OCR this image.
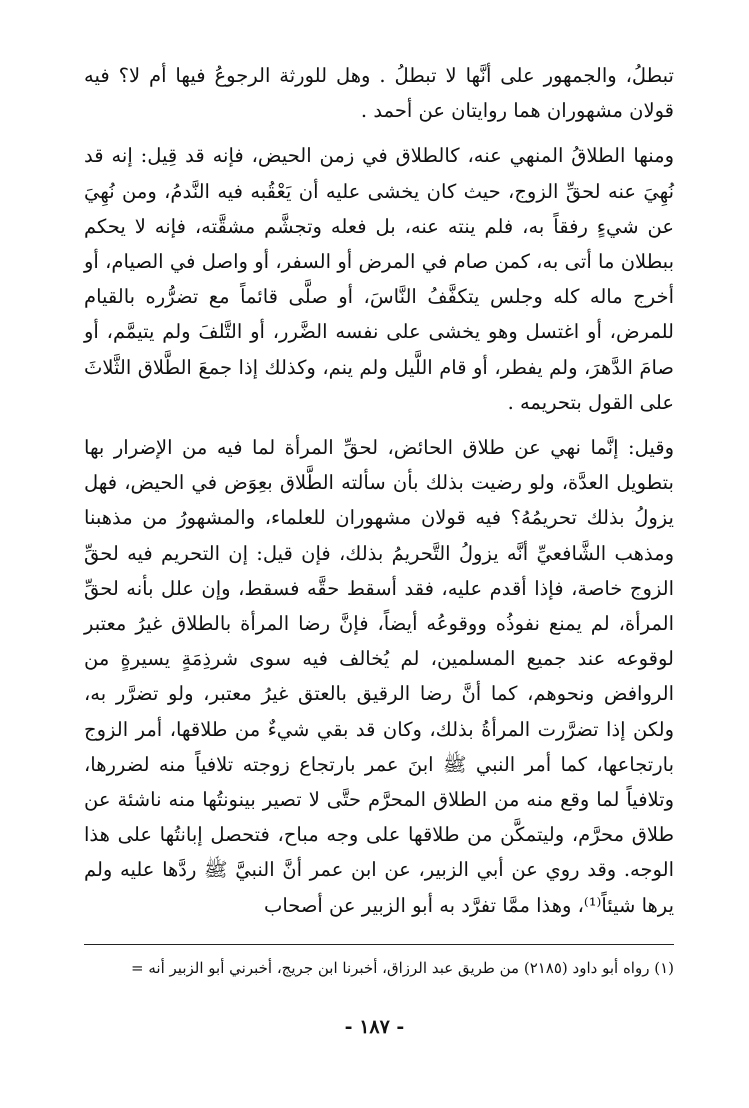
تبطلُ، والجمهور على أنَّها لا تبطلُ . وهل للورثة الرجوعُ فيها أم لا؟ فيه قولان مشهوران هما روايتان عن أحمد .

ومنها الطلاقُ المنهي عنه، كالطلاق في زمن الحيض، فإنه قد قِيل: إنه قد نُهِيَ عنه لحقِّ الزوج، حيث كان يخشى عليه أن يَعْقُبه فيه النَّدمُ، ومن نُهِيَ عن شيءٍ رفقاً به، فلم ينته عنه، بل فعله وتجشَّم مشقَّته، فإنه لا يحكم ببطلان ما أتى به، كمن صام في المرض أو السفر، أو واصل في الصيام، أو أخرج ماله كله وجلس يتكفَّفُ النَّاسَ، أو صلَّى قائماً مع تضرُّره بالقيام للمرض، أو اغتسل وهو يخشى على نفسه الضَّرر، أو التَّلفَ ولم يتيمَّم، أو صامَ الدَّهرَ، ولم يفطر، أو قام اللَّيل ولم ينم، وكذلك إذا جمعَ الطَّلاق الثَّلاثَ على القول بتحريمه .

وقيل: إنَّما نهي عن طلاق الحائض، لحقِّ المرأة لما فيه من الإضرار بها بتطويل العدَّة، ولو رضيت بذلك بأن سألته الطَّلاق بعِوَض في الحيض، فهل يزولُ بذلك تحريمُهُ؟ فيه قولان مشهوران للعلماء، والمشهورُ من مذهبنا ومذهب الشَّافعيِّ أنَّه يزولُ التَّحريمُ بذلك، فإن قيل: إن التحريم فيه لحقِّ الزوج خاصة، فإذا أقدم عليه، فقد أسقط حقَّه فسقط، وإن علل بأنه لحقِّ المرأة، لم يمنع نفوذُه ووقوعُه أيضاً، فإنَّ رضا المرأة بالطلاق غيرُ معتبر لوقوعه عند جميع المسلمين، لم يُخالف فيه سوى شرذِمَةٍ يسيرةٍ من الروافض ونحوهم، كما أنَّ رضا الرقيق بالعتق غيرُ معتبر، ولو تضرَّر به، ولكن إذا تضرَّرت المرأةُ بذلك، وكان قد بقي شيءٌ من طلاقها، أمر الزوج بارتجاعها، كما أمر النبي ﷺ ابنَ عمر بارتجاع زوجته تلافياً منه لضررها، وتلافياً لما وقع منه من الطلاق المحرَّم حتَّى لا تصير بينونتُها منه ناشئة عن طلاق محرَّم، وليتمكَّن من طلاقها على وجه مباح، فتحصل إبانتُها على هذا الوجه. وقد روي عن أبي الزبير، عن ابن عمر أنَّ النبيَّ ﷺ ردَّها عليه ولم يرها شيئاً⁽¹⁾، وهذا ممَّا تفرَّد به أبو الزبير عن أصحاب

(١) رواه أبو داود (٢١٨٥) من طريق عبد الرزاق، أخبرنا ابن جريج، أخبرني أبو الزبير أنه =
- ١٨٧ -
